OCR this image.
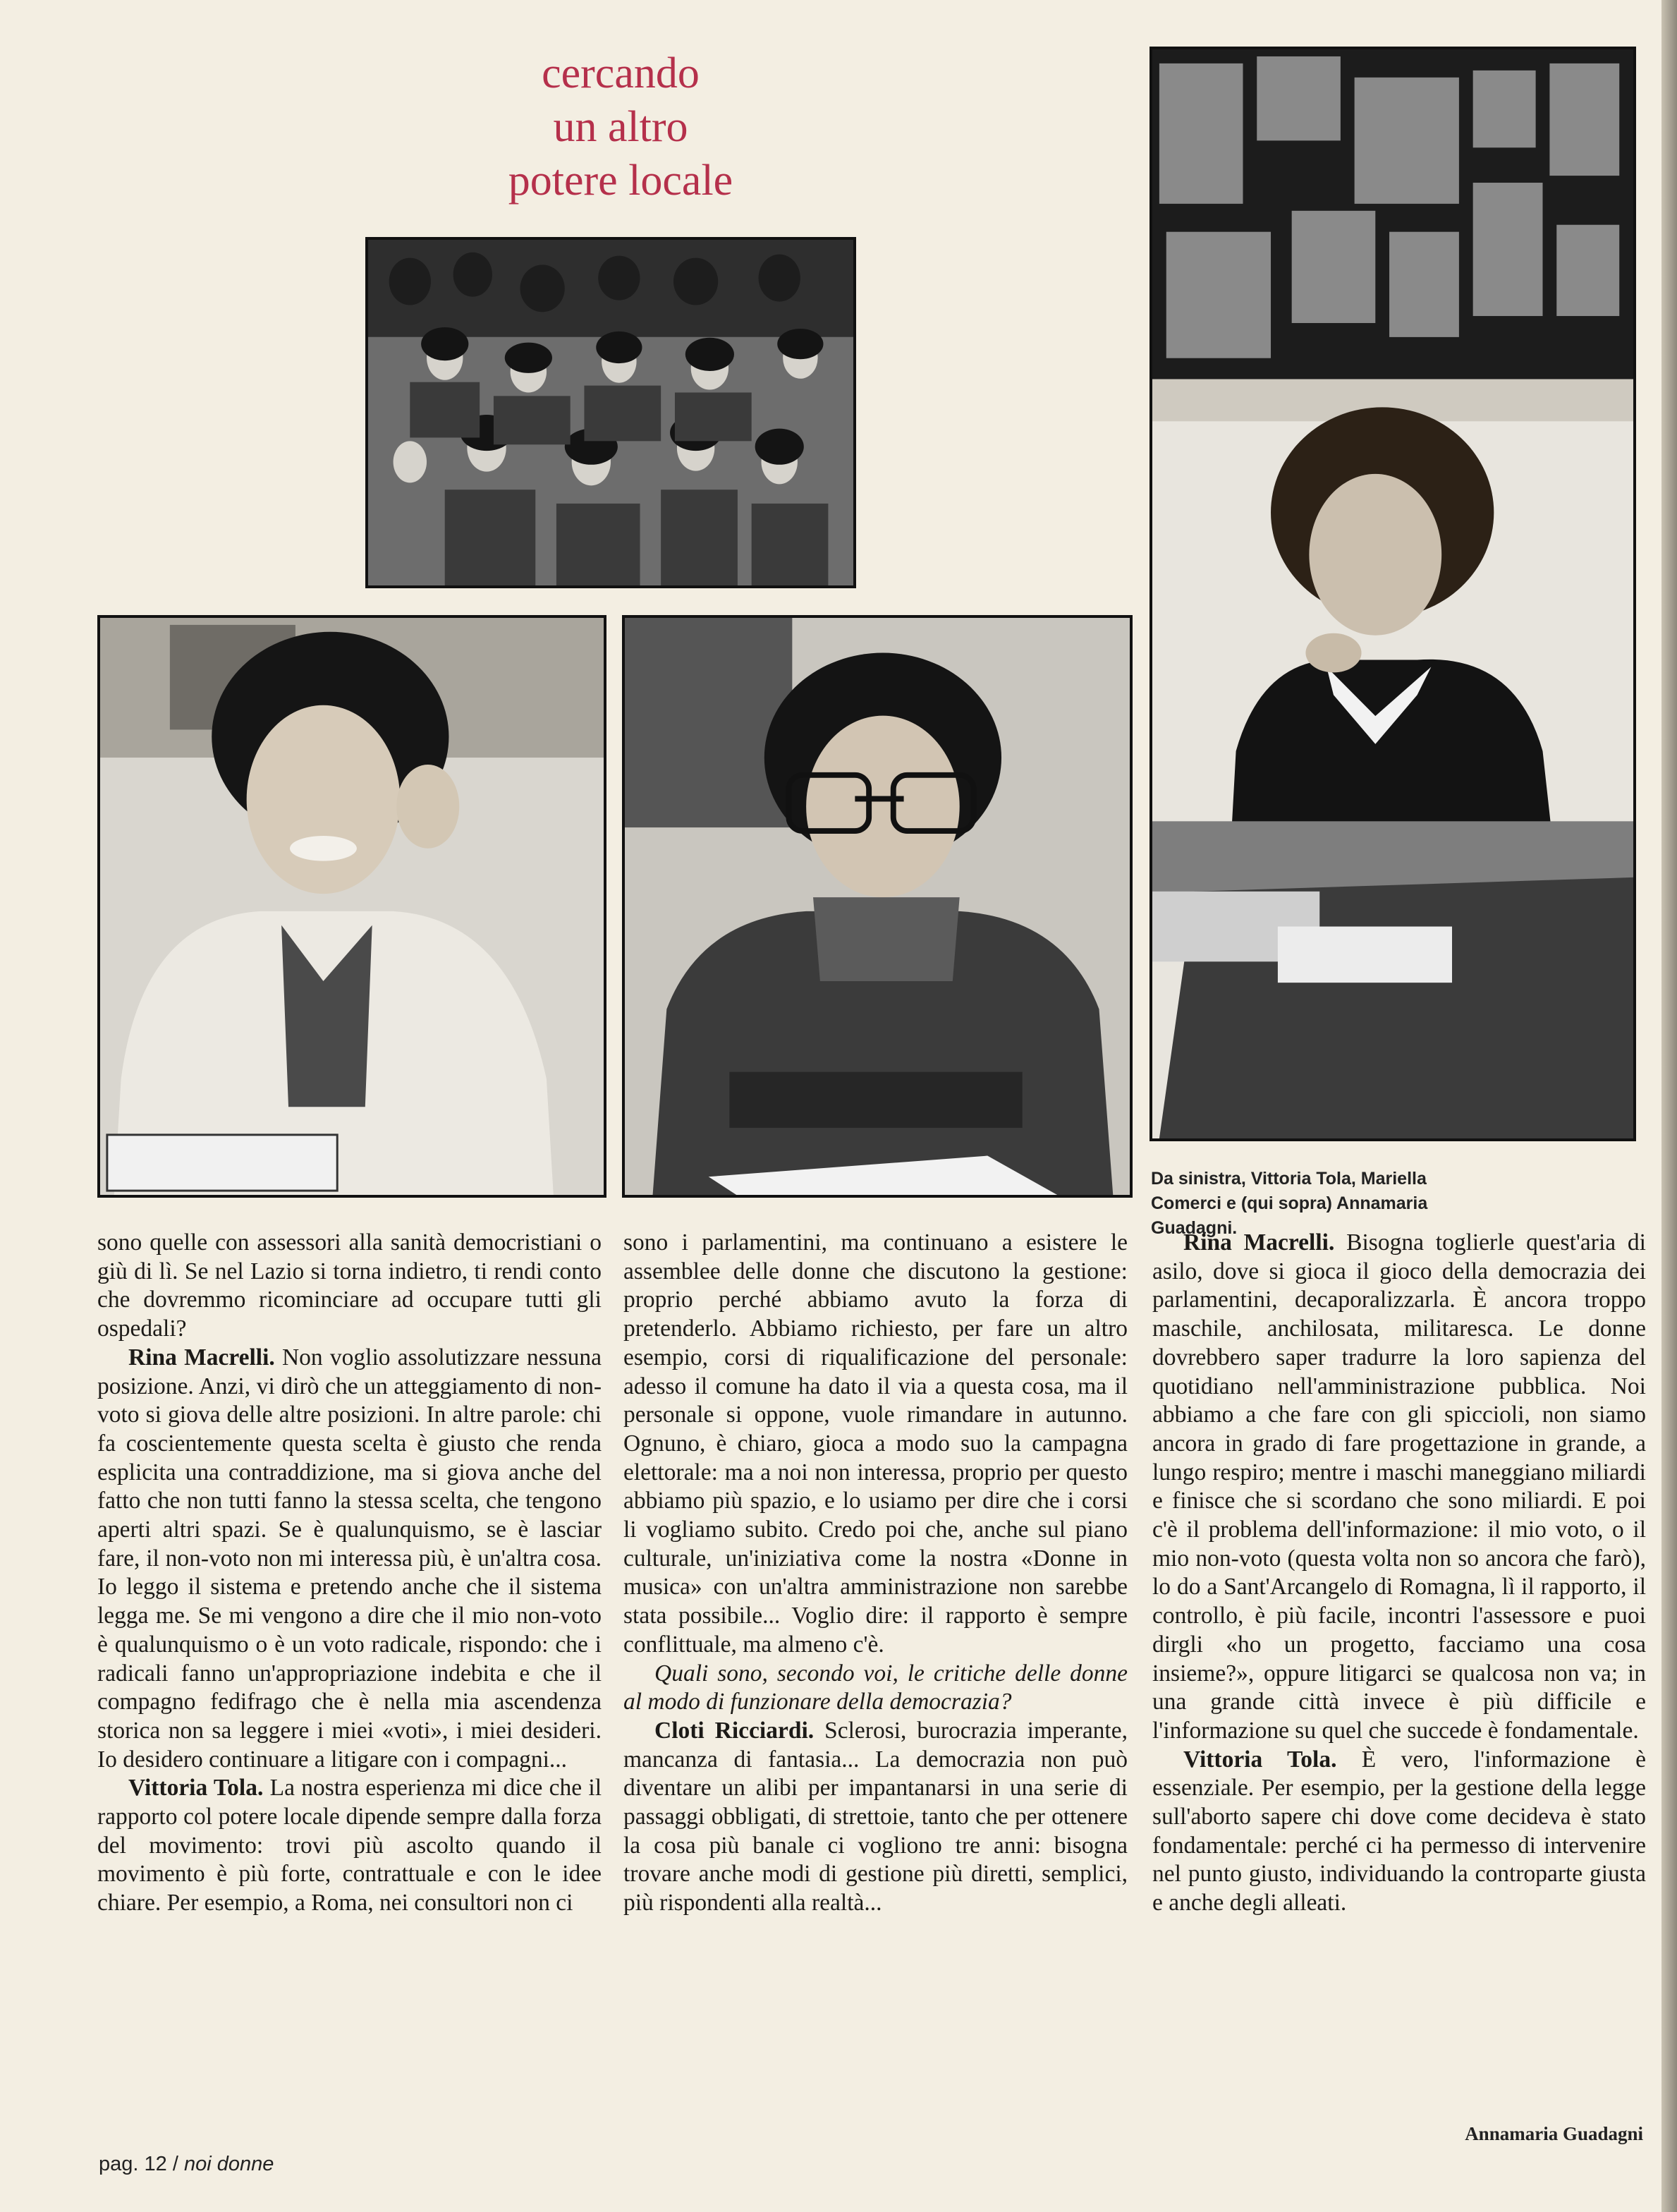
cercando
un altro
potere locale
Da sinistra, Vittoria Tola, Mariella Comerci e (qui sopra) Annamaria Guadagni.

sono quelle con assessori alla sanità democristiani o giù di lì. Se nel Lazio si torna indietro, ti rendi conto che dovremmo ricominciare ad occupare tutti gli ospedali?

Rina Macrelli. Non voglio assolutizzare nessuna posizione. Anzi, vi dirò che un atteggiamento di non-voto si giova delle altre posizioni. In altre parole: chi fa coscientemente questa scelta è giusto che renda esplicita una contraddizione, ma si giova anche del fatto che non tutti fanno la stessa scelta, che tengono aperti altri spazi. Se è qualunquismo, se è lasciar fare, il non-voto non mi interessa più, è un'altra cosa. Io leggo il sistema e pretendo anche che il sistema legga me. Se mi vengono a dire che il mio non-voto è qualunquismo o è un voto radicale, rispondo: che i radicali fanno un'appropriazione indebita e che il compagno fedifrago che è nella mia ascendenza storica non sa leggere i miei «voti», i miei desideri. Io desidero continuare a litigare con i compagni...

Vittoria Tola. La nostra esperienza mi dice che il rapporto col potere locale dipende sempre dalla forza del movimento: trovi più ascolto quando il movimento è più forte, contrattuale e con le idee chiare. Per esempio, a Roma, nei consultori non ci

sono i parlamentini, ma continuano a esistere le assemblee delle donne che discutono la gestione: proprio perché abbiamo avuto la forza di pretenderlo. Abbiamo richiesto, per fare un altro esempio, corsi di riqualificazione del personale: adesso il comune ha dato il via a questa cosa, ma il personale si oppone, vuole rimandare in autunno. Ognuno, è chiaro, gioca a modo suo la campagna elettorale: ma a noi non interessa, proprio per questo abbiamo più spazio, e lo usiamo per dire che i corsi li vogliamo subito. Credo poi che, anche sul piano culturale, un'iniziativa come la nostra «Donne in musica» con un'altra amministrazione non sarebbe stata possibile... Voglio dire: il rapporto è sempre conflittuale, ma almeno c'è.

Quali sono, secondo voi, le critiche delle donne al modo di funzionare della democrazia?

Cloti Ricciardi. Sclerosi, burocrazia imperante, mancanza di fantasia... La democrazia non può diventare un alibi per impantanarsi in una serie di passaggi obbligati, di strettoie, tanto che per ottenere la cosa più banale ci vogliono tre anni: bisogna trovare anche modi di gestione più diretti, semplici, più rispondenti alla realtà...

Rina Macrelli. Bisogna toglierle quest'aria di asilo, dove si gioca il gioco della democrazia dei parlamentini, decaporalizzarla. È ancora troppo maschile, anchilosata, militaresca. Le donne dovrebbero saper tradurre la loro sapienza del quotidiano nell'amministrazione pubblica. Noi abbiamo a che fare con gli spiccioli, non siamo ancora in grado di fare progettazione in grande, a lungo respiro; mentre i maschi maneggiano miliardi e finisce che si scordano che sono miliardi. E poi c'è il problema dell'informazione: il mio voto, o il mio non-voto (questa volta non so ancora che farò), lo do a Sant'Arcangelo di Romagna, lì il rapporto, il controllo, è più facile, incontri l'assessore e puoi dirgli «ho un progetto, facciamo una cosa insieme?», oppure litigarci se qualcosa non va; in una grande città invece è più difficile e l'informazione su quel che succede è fondamentale.

Vittoria Tola. È vero, l'informazione è essenziale. Per esempio, per la gestione della legge sull'aborto sapere chi dove come decideva è stato fondamentale: perché ci ha permesso di intervenire nel punto giusto, individuando la controparte giusta e anche degli alleati.

Annamaria Guadagni
pag. 12 / noi donne
